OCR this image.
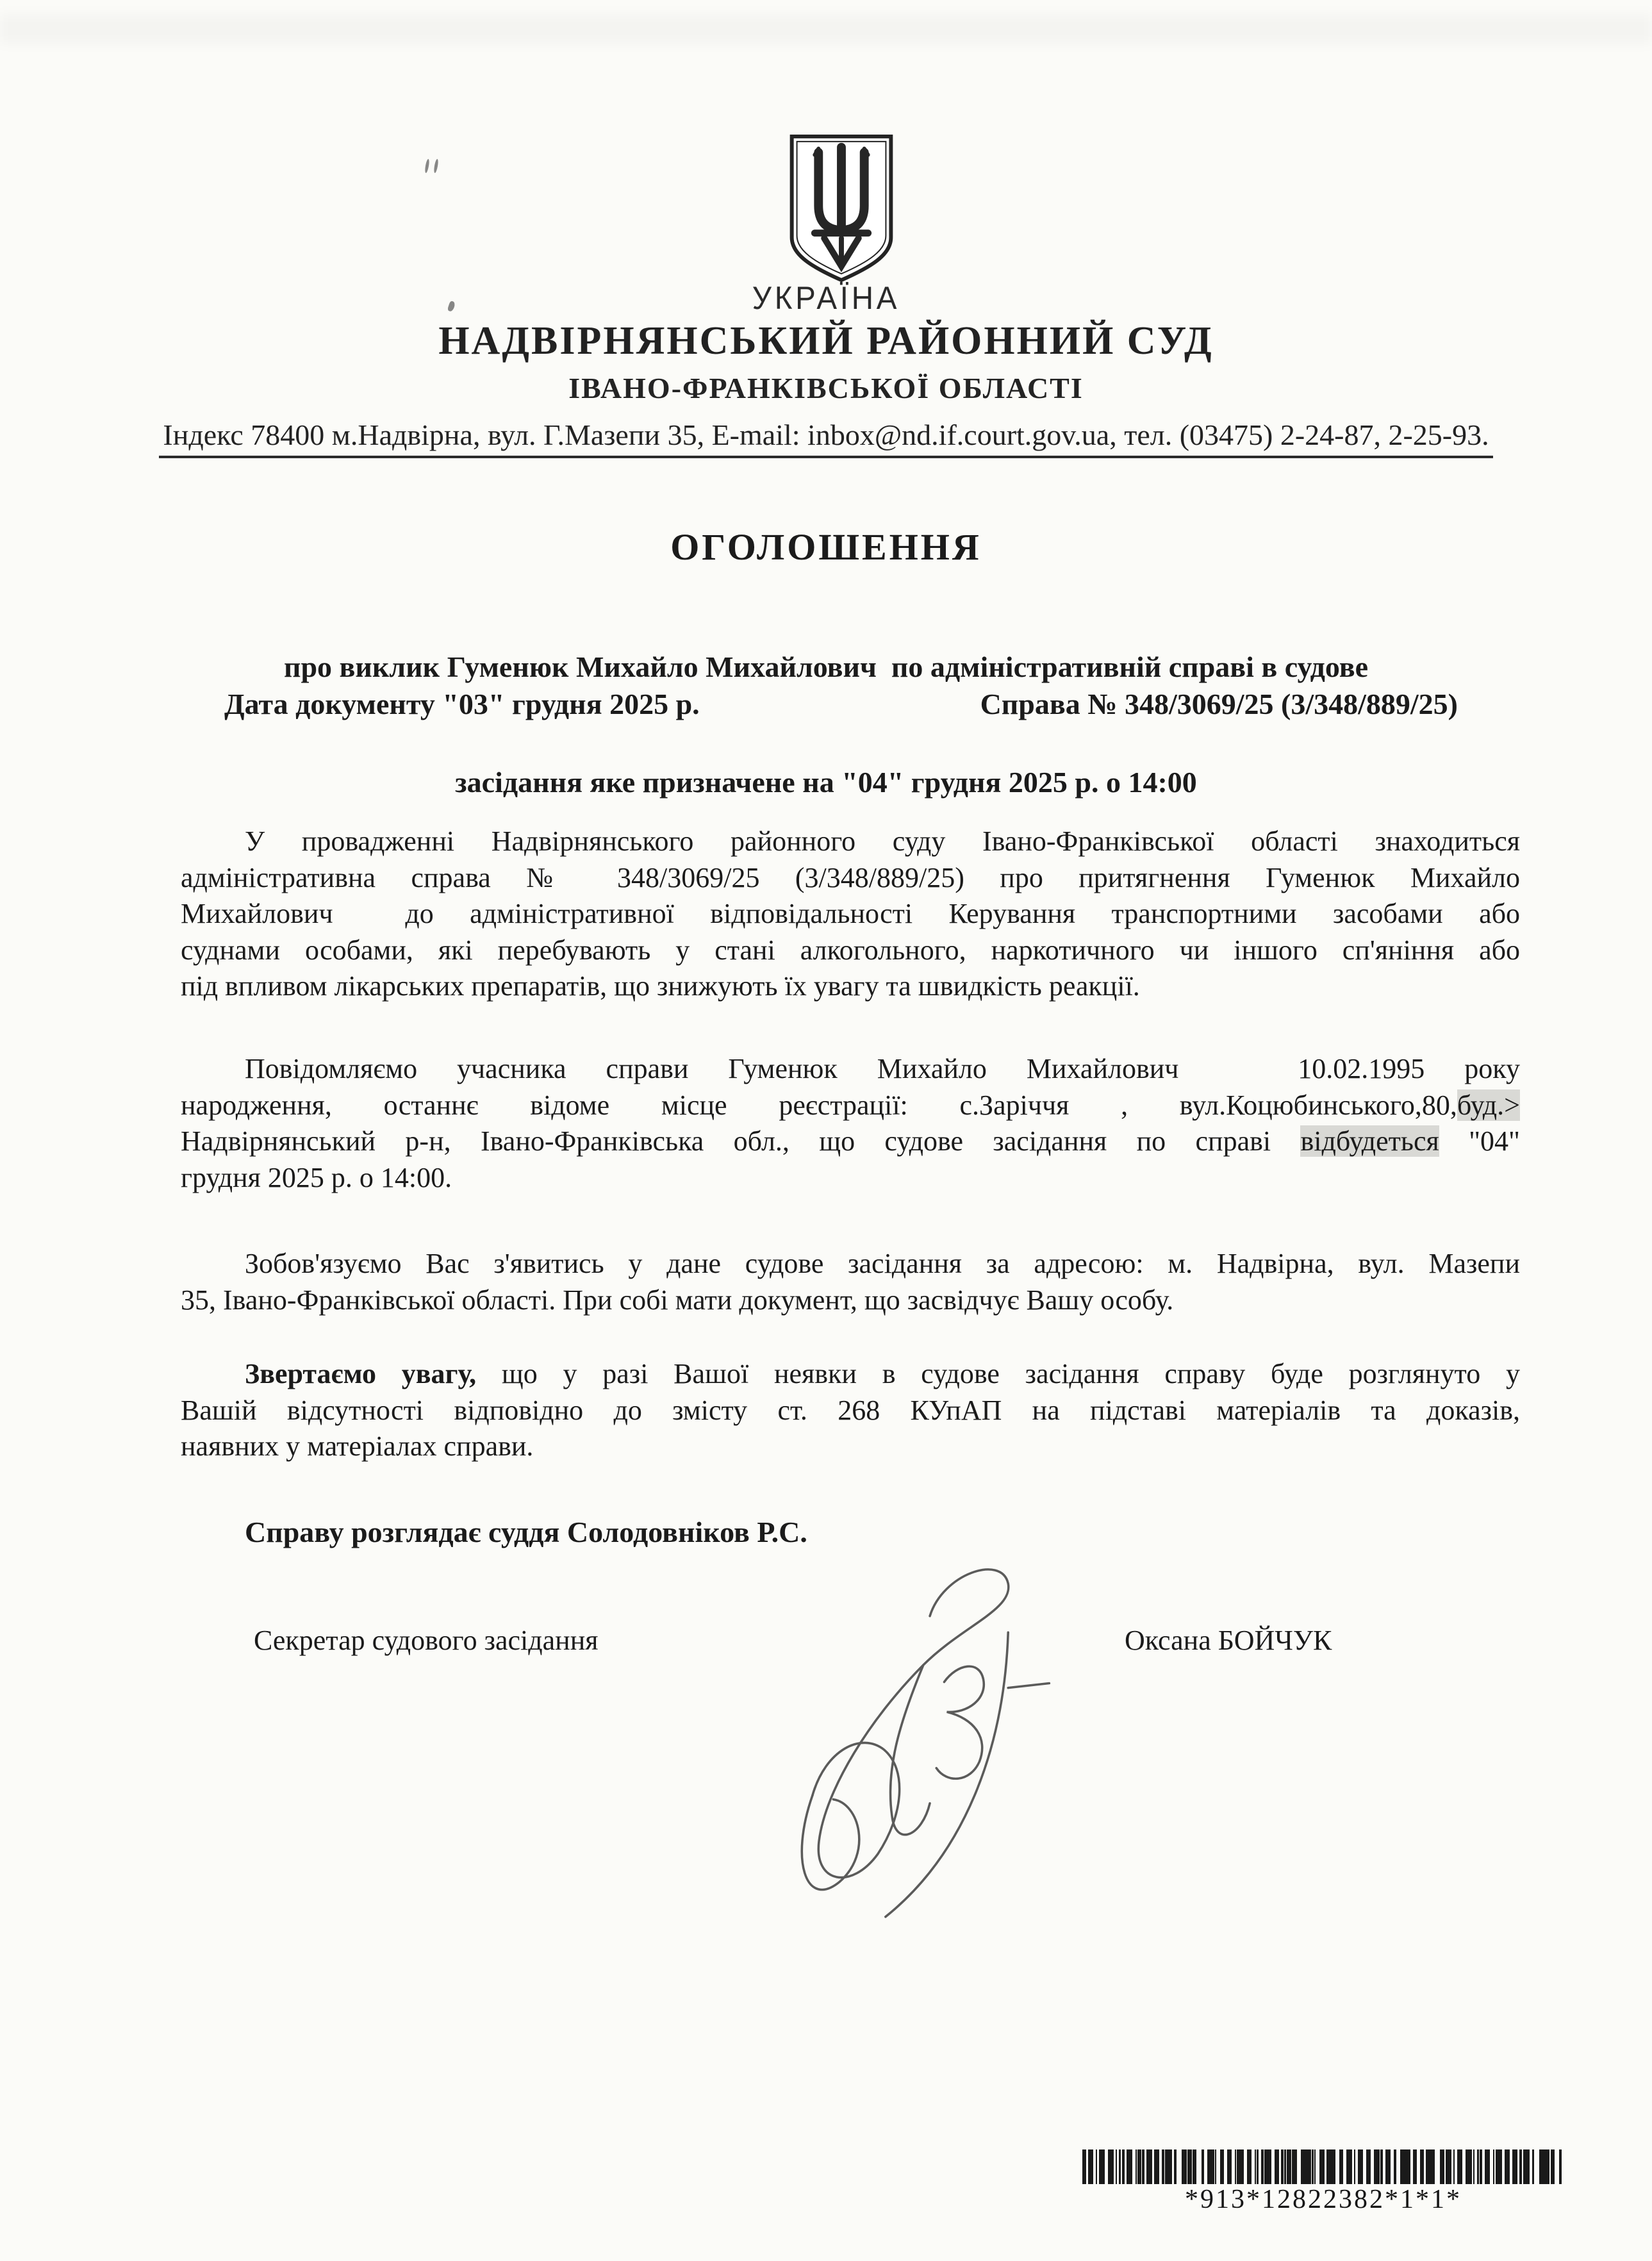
УКРАЇНА
НАДВІРНЯНСЬКИЙ РАЙОННИЙ СУД
ІВАНО-ФРАНКІВСЬКОЇ ОБЛАСТІ
Індекс 78400 м.Надвірна, вул. Г.Мазепи 35, E-mail: inbox@nd.if.court.gov.ua, тел. (03475) 2-24-87, 2-25-93.
ОГОЛОШЕННЯ

про виклик Гуменюк Михайло Михайлович  по адміністративній справі в судове

засідання яке призначене на "04" грудня 2025 р. о 14:00

Дата документу "03" грудня 2025 р.	Справа № 348/3069/25 (3/348/889/25)
У провадженні Надвірнянського районного суду Івано-Франківської області знаходиться
адміністративна справа № 348/3069/25 (3/348/889/25) про притягнення Гуменюк Михайло
Михайлович  до адміністративної відповідальності Керування транспортними засобами або
суднами особами, які перебувають у стані алкогольного, наркотичного чи іншого сп'яніння або
під впливом лікарських препаратів, що знижують їх увагу та швидкість реакції.
Повідомляємо учасника справи Гуменюк Михайло Михайлович   10.02.1995 року
народження, останнє відоме місце реєстрації: с.Заріччя , вул.Коцюбинського,80,буд.>
Надвірнянський р-н, Івано-Франківська обл., що судове засідання по справі відбудеться "04"
грудня 2025 р. о 14:00.
Зобов'язуємо Вас з'явитись у дане судове засідання за адресою: м. Надвірна, вул. Мазепи
35, Івано-Франківської області. При собі мати документ, що засвідчує Вашу особу.
Звертаємо увагу, що у разі Вашої неявки в судове засідання справу буде розглянуто у
Вашій відсутності відповідно до змісту ст. 268 КУпАП на підставі матеріалів та доказів,
наявних у матеріалах справи.
Справу розглядає суддя Солодовніков Р.С.
Секретар судового засідання	Оксана БОЙЧУК
*913*12822382*1*1*
